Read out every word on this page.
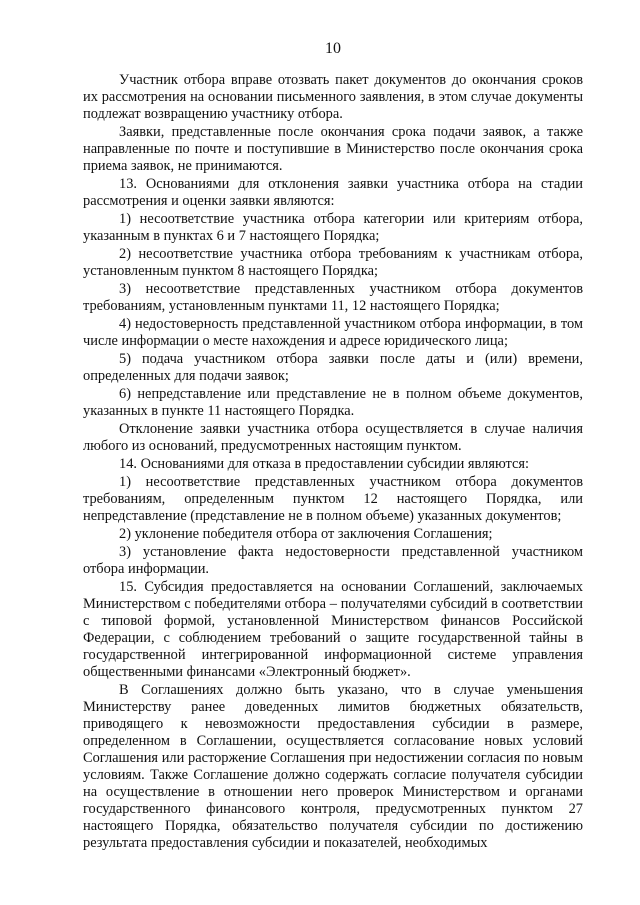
10

Участник отбора вправе отозвать пакет документов до окончания сроков их рассмотрения на основании письменного заявления, в этом случае документы подлежат возвращению участнику отбора.

Заявки, представленные после окончания срока подачи заявок, а также направленные по почте и поступившие в Министерство после окончания срока приема заявок, не принимаются.

13. Основаниями для отклонения заявки участника отбора на стадии рассмотрения и оценки заявки являются:

1) несоответствие участника отбора категории или критериям отбора, указанным в пунктах 6 и 7 настоящего Порядка;

2) несоответствие участника отбора требованиям к участникам отбора, установленным пунктом 8 настоящего Порядка;

3) несоответствие представленных участником отбора документов требованиям, установленным пунктами 11, 12 настоящего Порядка;

4) недостоверность представленной участником отбора информации, в том числе информации о месте нахождения и адресе юридического лица;

5) подача участником отбора заявки после даты и (или) времени, определенных для подачи заявок;

6) непредставление или представление не в полном объеме документов, указанных в пункте 11 настоящего Порядка.

Отклонение заявки участника отбора осуществляется в случае наличия любого из оснований, предусмотренных настоящим пунктом.

14. Основаниями для отказа в предоставлении субсидии являются:

1) несоответствие представленных участником отбора документов требованиям, определенным пунктом 12 настоящего Порядка, или непредставление (представление не в полном объеме) указанных документов;

2) уклонение победителя отбора от заключения Соглашения;

3) установление факта недостоверности представленной участником отбора информации.

15. Субсидия предоставляется на основании Соглашений, заключаемых Министерством с победителями отбора – получателями субсидий в соответствии с типовой формой, установленной Министерством финансов Российской Федерации, с соблюдением требований о защите государственной тайны в государственной интегрированной информационной системе управления общественными финансами «Электронный бюджет».

В Соглашениях должно быть указано, что в случае уменьшения Министерству ранее доведенных лимитов бюджетных обязательств, приводящего к невозможности предоставления субсидии в размере, определенном в Соглашении, осуществляется согласование новых условий Соглашения или расторжение Соглашения при недостижении согласия по новым условиям. Также Соглашение должно содержать согласие получателя субсидии на осуществление в отношении него проверок Министерством и органами государственного финансового контроля, предусмотренных пунктом 27 настоящего Порядка, обязательство получателя субсидии по достижению результата предоставления субсидии и показателей, необходимых
